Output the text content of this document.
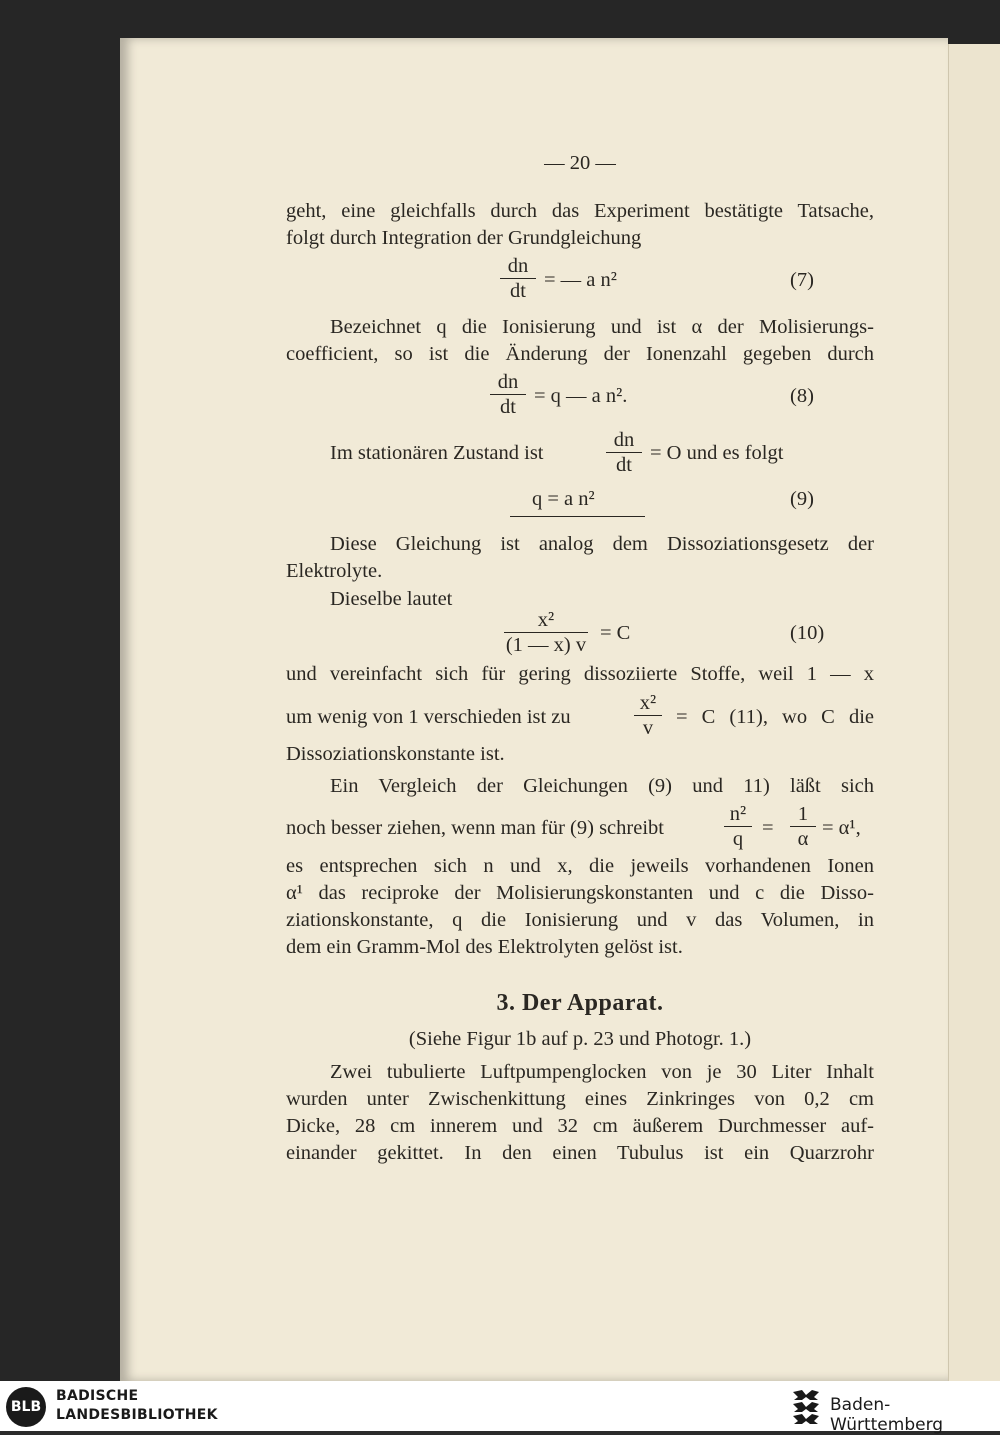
— 20 —
geht, eine gleichfalls durch das Experiment bestätigte Tatsache,
folgt durch Integration der Grundgleichung
$\frac{dn}{dt}$ = — a n²	(7)
Bezeichnet q die Ionisierung und ist α der Molisierungs-
coefficient, so ist die Änderung der Ionenzahl gegeben durch
$\frac{dn}{dt} = q$ — a n².	(8)
Im stationären Zustand ist	$\frac{dn}{dt} = O$ und es folgt
q = a n²	(9)
Diese Gleichung ist analog dem Dissoziationsgesetz der
Elektrolyte.
Dieselbe lautet
$\frac{\text{x²}}{(1 — x) v} = C$	(10)
und vereinfacht sich für gering dissoziierte Stoffe, weil 1 — x
um wenig von 1 verschieden ist zu	$\frac{\text{x²}}{v} = C$ (11), wo C die
Dissoziationskonstante ist.
Ein Vergleich der Gleichungen (9) und 11) läßt sich
noch besser ziehen, wenn man für (9) schreibt	$\frac{\text{n²}}{q} = \frac{1}{\alpha} = \alpha^1$,
es entsprechen sich n und x, die jeweils vorhandenen Ionen
α¹ das reciproke der Molisierungskonstanten und c die Disso-
ziationskonstante, q die Ionisierung und v das Volumen, in
dem ein Gramm-Mol des Elektrolyten gelöst ist.
3. Der Apparat.
(Siehe Figur 1b auf p. 23 und Photogr. 1.)
Zwei tubulierte Luftpumpenglocken von je 30 Liter Inhalt
wurden unter Zwischenkittung eines Zinkringes von 0,2 cm
Dicke, 28 cm innerem und 32 cm äußerem Durchmesser auf-
einander gekittet. In den einen Tubulus ist ein Quarzrohr
BLB
BADISCHE
LANDESBIBLIOTHEK	Baden-Württemberg
